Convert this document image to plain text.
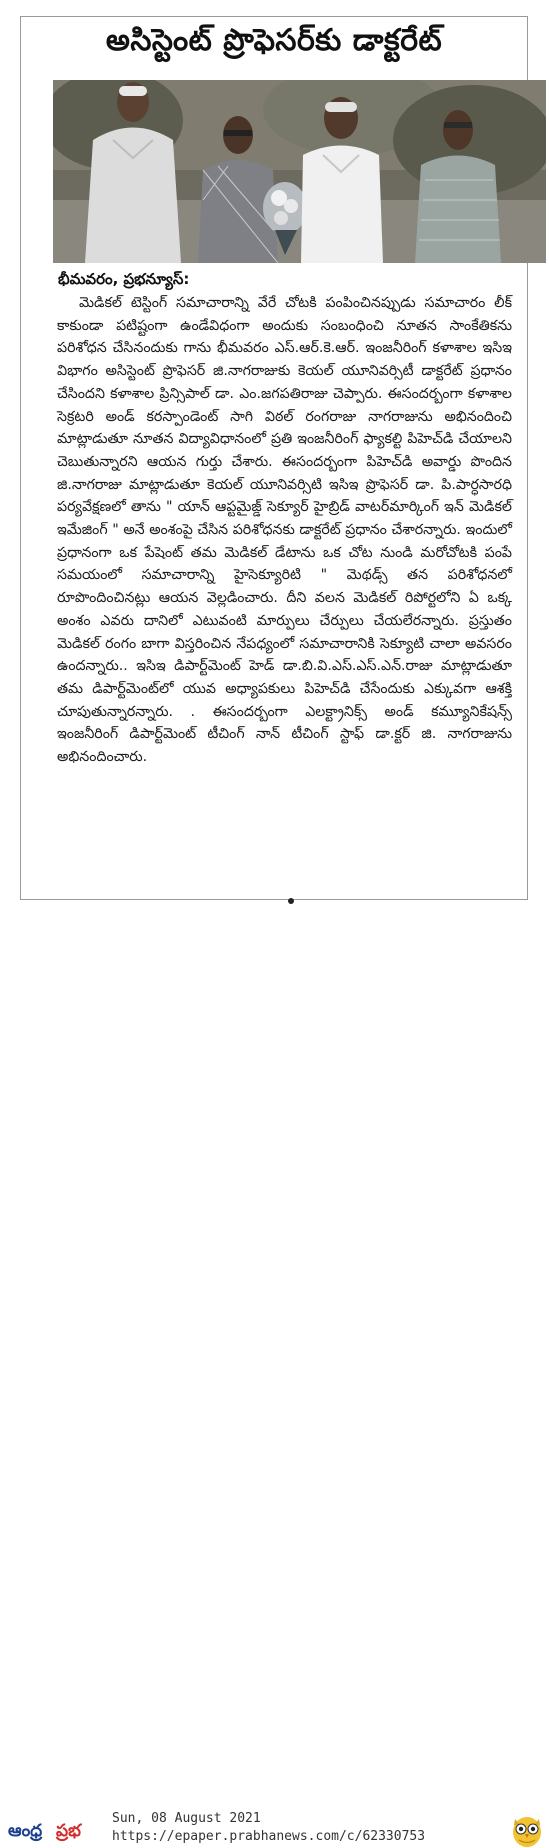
అసిస్టెంట్ ప్రొఫెసర్‌కు డాక్టరేట్
భీమవరం, ప్రభన్యూస్:

మెడికల్ టెస్టింగ్ సమాచారాన్ని వేరే చోటకి పంపించినప్పుడు సమాచారం లీక్ కాకుండా పటిష్టంగా ఉండేవిధంగా అందుకు సంబంధించి నూతన సాంకేతికను పరిశోధన చేసినందుకు గాను భీమవరం ఎస్.ఆర్.కె.ఆర్. ఇంజనీరింగ్ కళాశాల ఇసిఇ విభాగం అసిస్టెంట్ ప్రొఫెసర్ జి.నాగరాజుకు కెయల్ యూనివర్సిటీ డాక్టరేట్ ప్రధానం చేసిందని కళాశాల ప్రిన్సిపాల్ డా. ఎం.జగపతిరాజు చెప్పారు. ఈసందర్బంగా కళాశాల సెక్రటరి అండ్ కరస్పాండెంట్ సాగి విఠల్ రంగరాజు నాగరాజును అభినందించి మాట్లాడుతూ నూతన విద్యావిధానంలో ప్రతి ఇంజనీరింగ్ ఫ్యాకల్టి పిహెచ్‌డి చేయాలని చెబుతున్నారని ఆయన గుర్తు చేశారు. ఈసందర్బంగా పిహెచ్‌డి అవార్డు పొందిన జి.నాగరాజు మాట్లాడుతూ కెయల్ యూనివర్సిటి ఇసిఇ ప్రొఫెసర్ డా. పి.పార్ధసారధి పర్యవేక్షణలో తాను " యాన్ ఆప్టమైజ్డ్ సెక్యూర్ హైబ్రిడ్ వాటర్‌మార్కింగ్ ఇన్ మెడికల్ ఇమేజింగ్ " అనే అంశంపై చేసిన పరిశోధనకు డాక్టరేట్ ప్రధానం చేశారన్నారు. ఇందులో ప్రధానంగా ఒక పేషెంట్ తమ మెడికల్ డేటాను ఒక చోట నుండి మరోచోటకి పంపే సమయంలో సమాచారాన్ని హైసెక్యూరిటి " మెథడ్స్ తన పరిశోధనలో రూపొందించినట్లు ఆయన వెల్లడించారు. దీని వలన మెడికల్ రిపోర్టలోని ఏ ఒక్క అంశం ఎవరు దానిలో ఎటువంటి మార్పులు చేర్పులు చేయలేరన్నారు. ప్రస్తుతం మెడికల్ రంగం బాగా విస్తరించిన నేపధ్యంలో సమాచారానికి సెక్యూటి చాలా అవసరం ఉందన్నారు.. ఇసిఇ డిపార్ట్‌మెంట్ హెడ్ డా.బి.వి.ఎస్.ఎస్.ఎన్.రాజు మాట్లాడుతూ తమ డిపార్ట్‌మెంట్‌లో యువ అధ్యాపకులు పిహెచ్‌డి చేసేందుకు ఎక్కువగా ఆశక్తి చూపుతున్నారన్నారు. . ఈసందర్బంగా ఎలక్ట్రానిక్స్ అండ్ కమ్యూనికేషన్స్ ఇంజనీరింగ్ డిపార్ట్‌మెంట్ టీచింగ్ నాన్ టీచింగ్ స్టాఫ్ డా.క్టర్ జి. నాగరాజును అభినందించారు.

ఆంధ్ర ప్రభ
Sun, 08 August 2021
https://epaper.prabhanews.com/c/62330753
